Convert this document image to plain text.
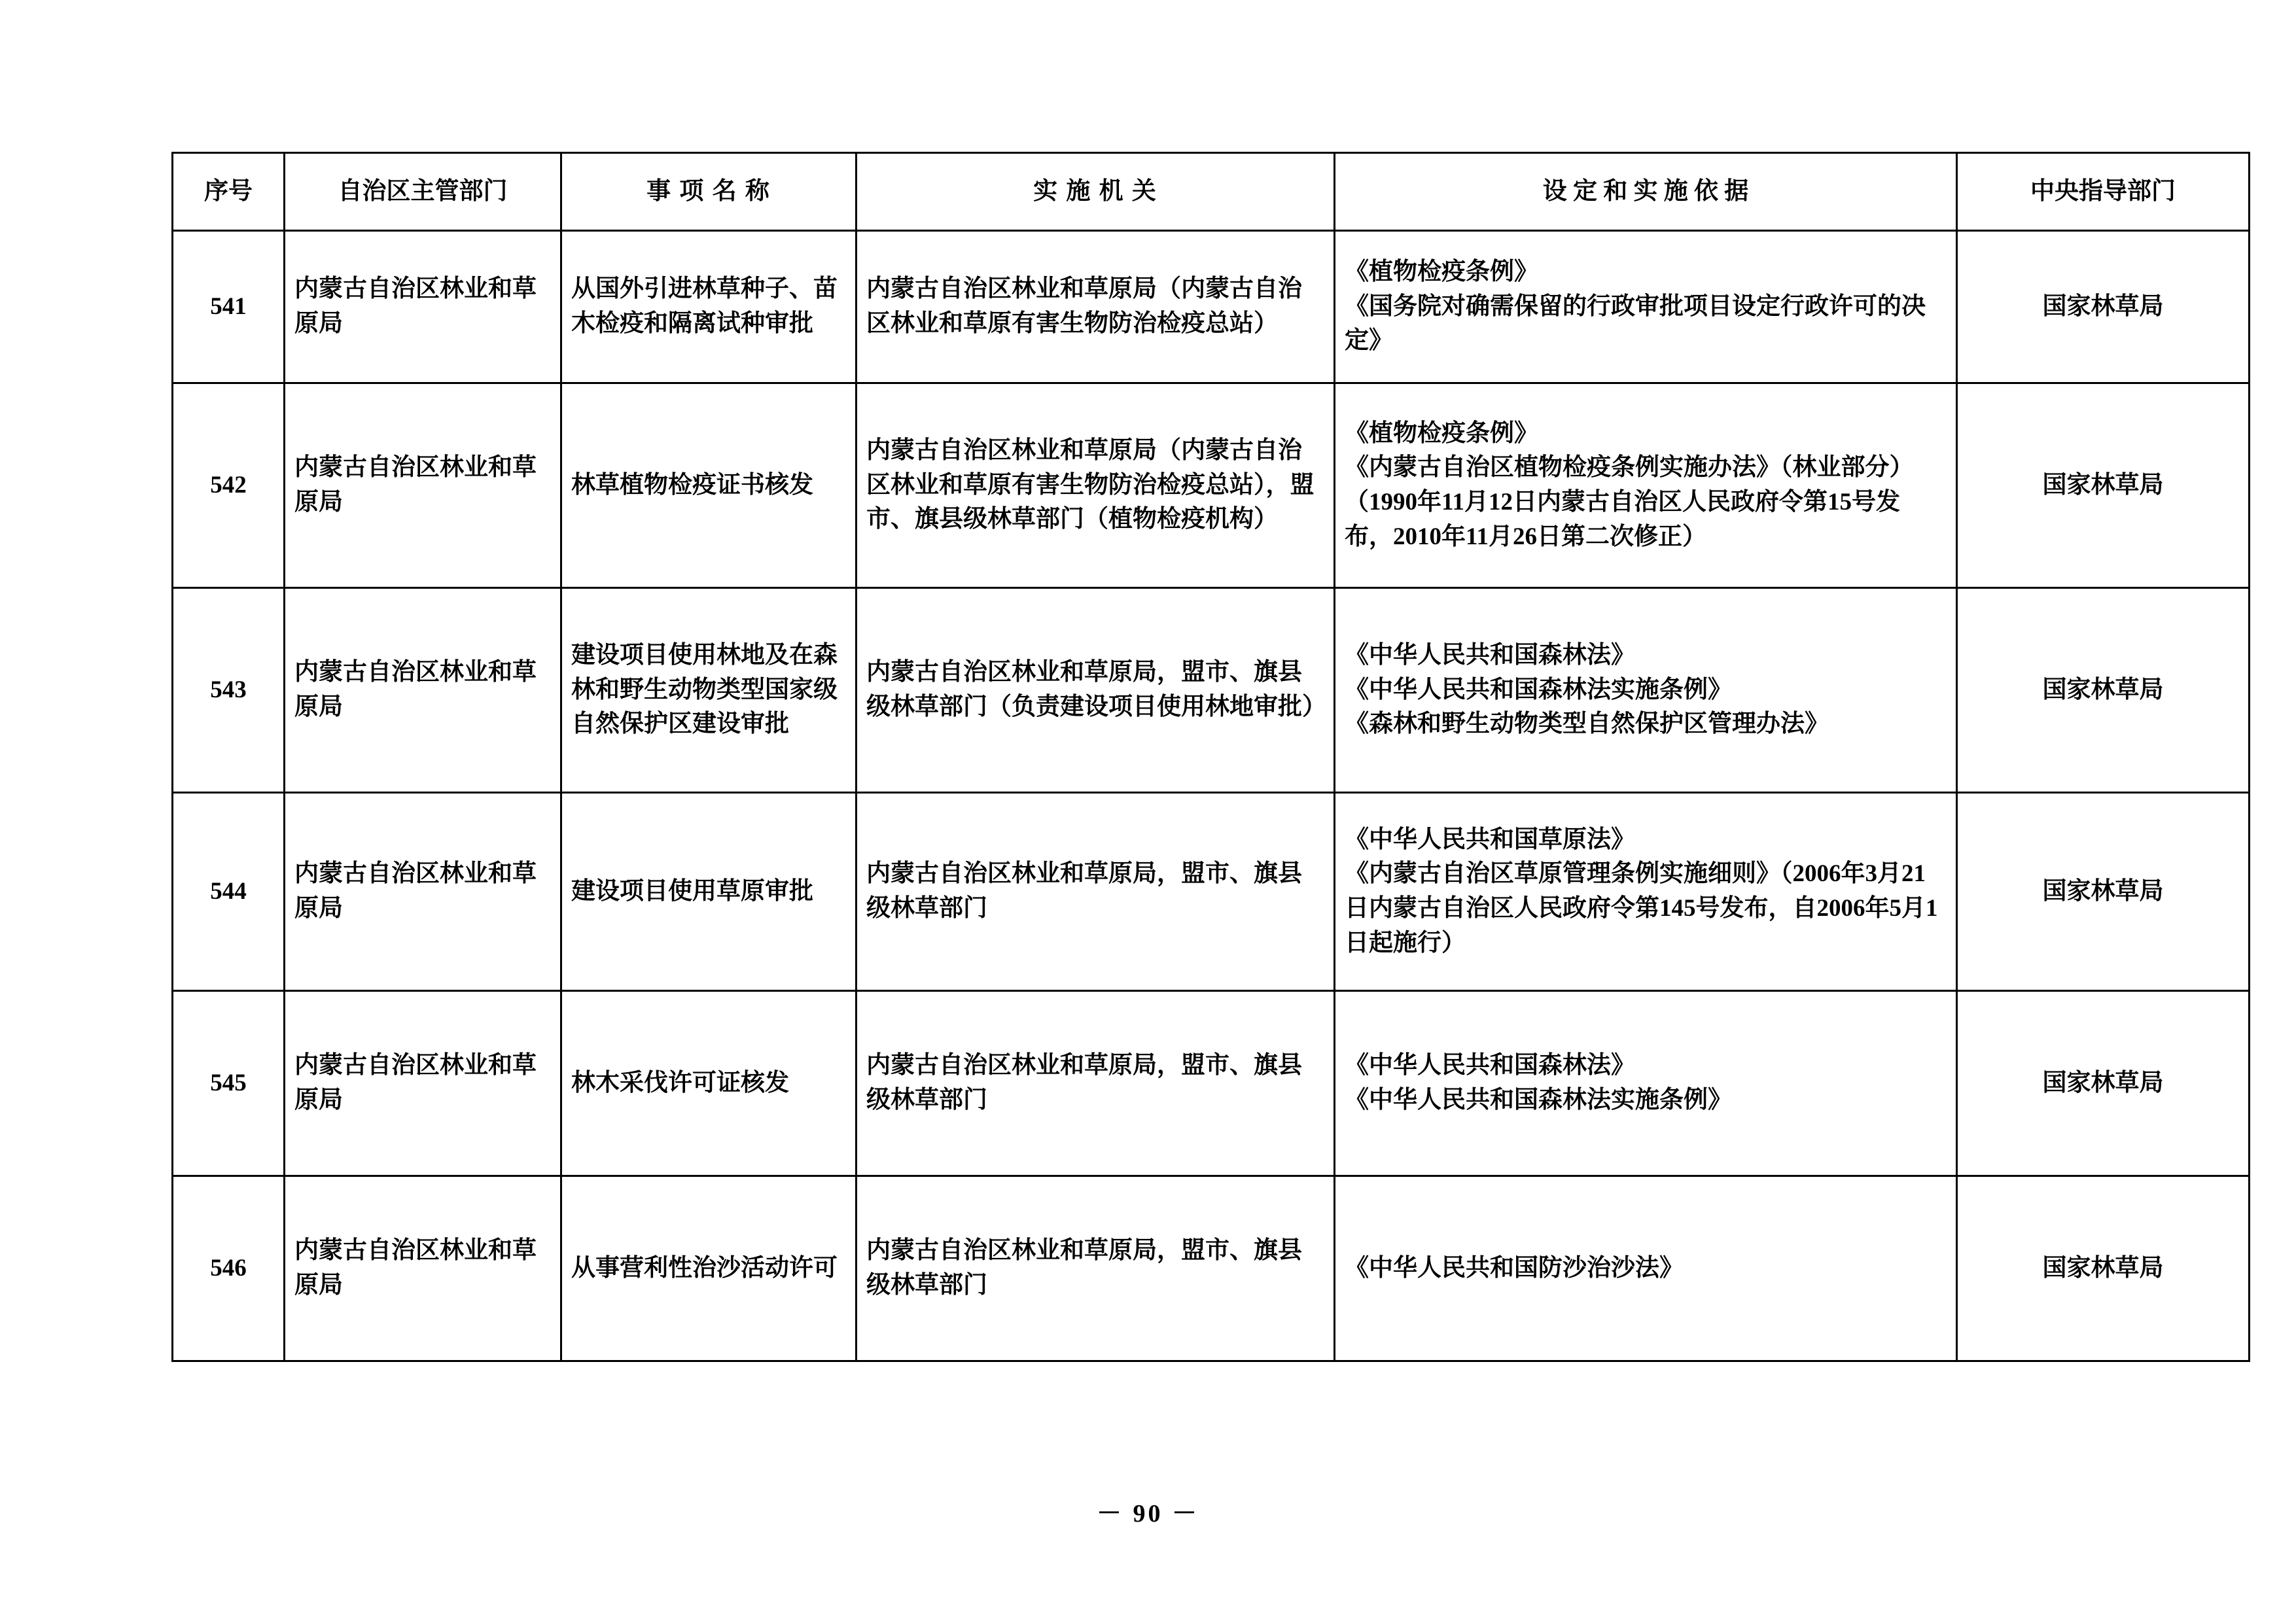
序号	自治区主管部门	事 项 名 称	实 施 机 关	设 定 和 实 施 依 据	中央指导部门
541	内蒙古自治区林业和草原局	从国外引进林草种子、苗木检疫和隔离试种审批	内蒙古自治区林业和草原局（内蒙古自治区林业和草原有害生物防治检疫总站）	《植物检疫条例》
《国务院对确需保留的行政审批项目设定行政许可的决定》	国家林草局
542	内蒙古自治区林业和草原局	林草植物检疫证书核发	内蒙古自治区林业和草原局（内蒙古自治区林业和草原有害生物防治检疫总站），盟市、旗县级林草部门（植物检疫机构）	《植物检疫条例》
《内蒙古自治区植物检疫条例实施办法》（林业部分）（1990年11月12日内蒙古自治区人民政府令第15号发布，2010年11月26日第二次修正）	国家林草局
543	内蒙古自治区林业和草原局	建设项目使用林地及在森林和野生动物类型国家级自然保护区建设审批	内蒙古自治区林业和草原局，盟市、旗县级林草部门（负责建设项目使用林地审批）	《中华人民共和国森林法》
《中华人民共和国森林法实施条例》
《森林和野生动物类型自然保护区管理办法》	国家林草局
544	内蒙古自治区林业和草原局	建设项目使用草原审批	内蒙古自治区林业和草原局，盟市、旗县级林草部门	《中华人民共和国草原法》
《内蒙古自治区草原管理条例实施细则》（2006年3月21日内蒙古自治区人民政府令第145号发布，自2006年5月1日起施行）	国家林草局
545	内蒙古自治区林业和草原局	林木采伐许可证核发	内蒙古自治区林业和草原局，盟市、旗县级林草部门	《中华人民共和国森林法》
《中华人民共和国森林法实施条例》	国家林草局
546	内蒙古自治区林业和草原局	从事营利性治沙活动许可	内蒙古自治区林业和草原局，盟市、旗县级林草部门	《中华人民共和国防沙治沙法》	国家林草局
－ 90 －
